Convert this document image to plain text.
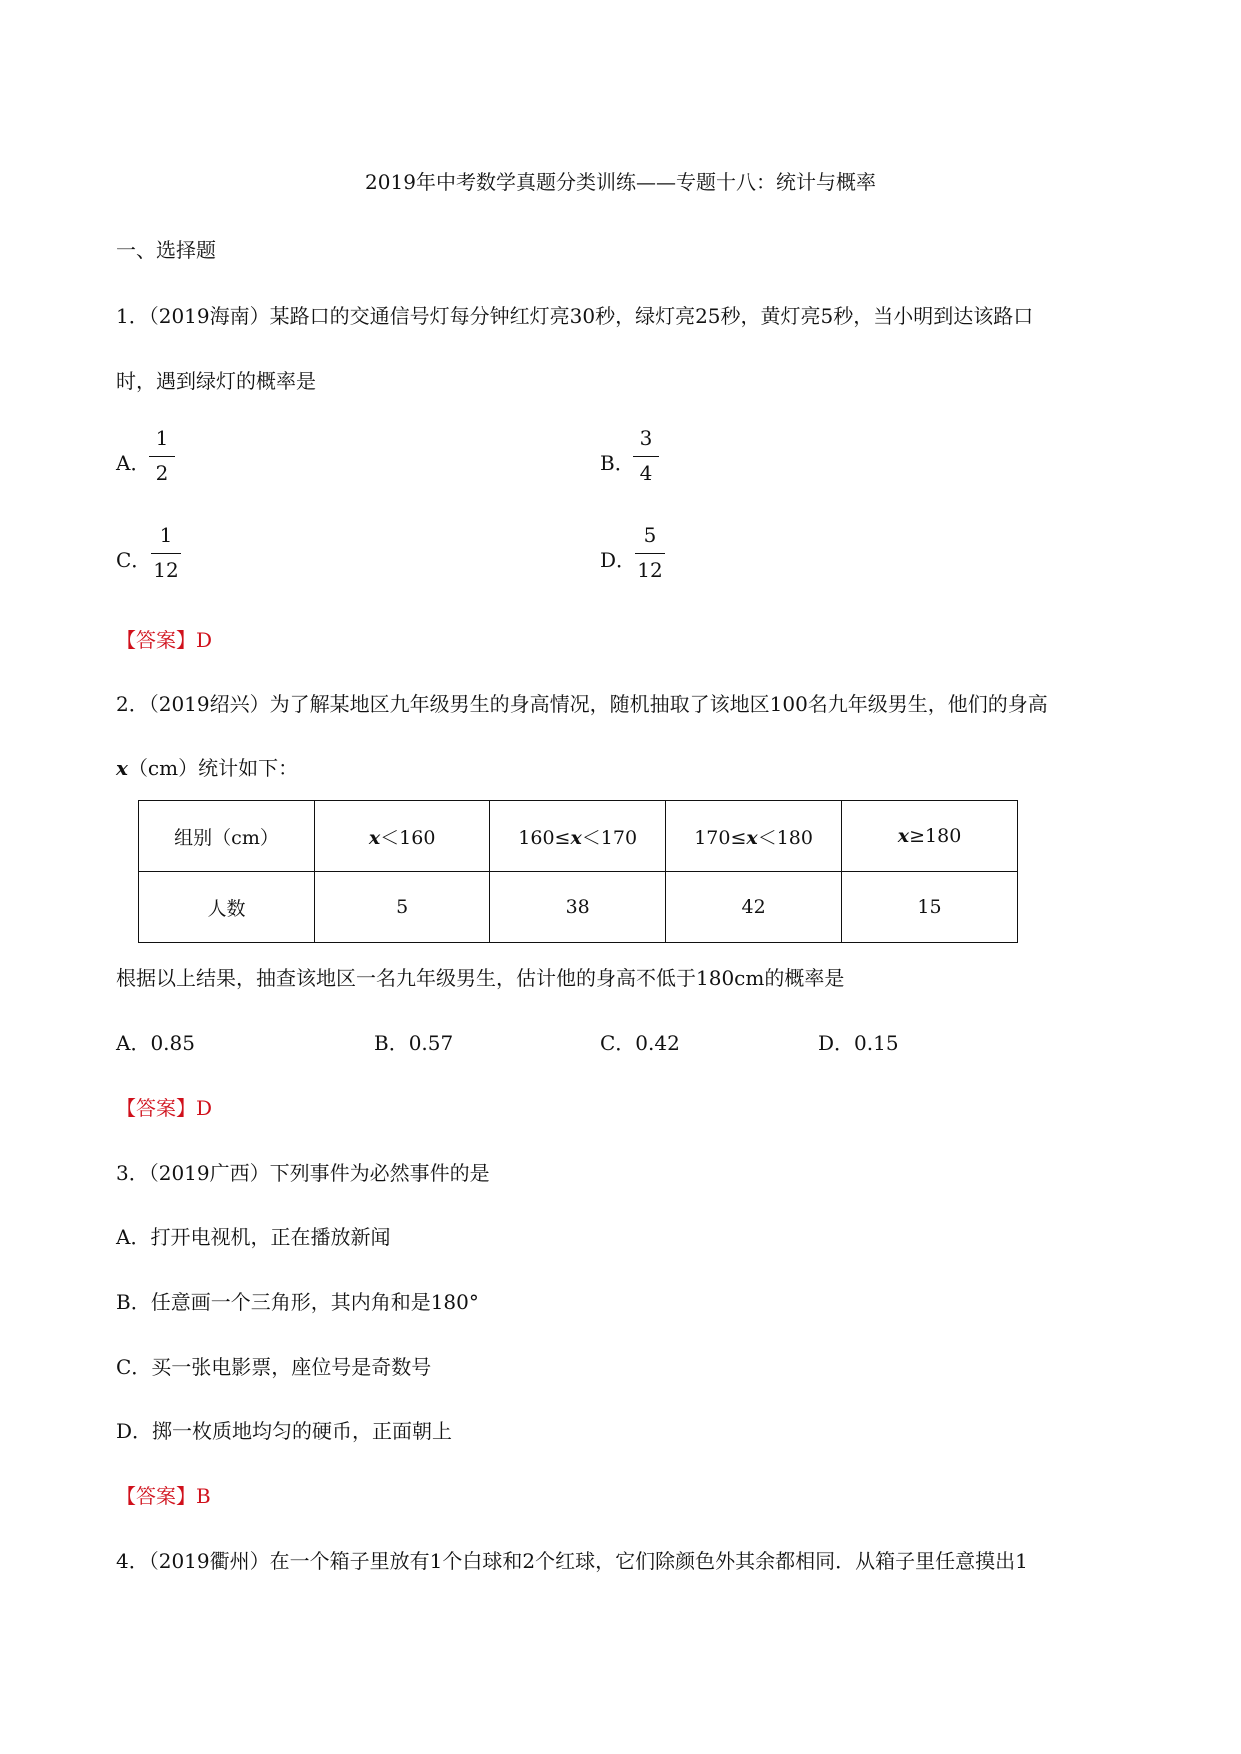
2019年中考数学真题分类训练——专题十八：统计与概率
一、选择题
1．（2019海南）某路口的交通信号灯每分钟红灯亮30秒，绿灯亮25秒，黄灯亮5秒，当小明到达该路口
时，遇到绿灯的概率是
A．
1
2	B．
3
4
C．
1
12	D．
5
12
【答案】D
2．（2019绍兴）为了解某地区九年级男生的身高情况，随机抽取了该地区100名九年级男生，他们的身高
x（cm）统计如下：
组别（cm）	x＜160	160≤x＜170	170≤x＜180	x≥180
人数	5	38	42	15
根据以上结果，抽查该地区一名九年级男生，估计他的身高不低于180cm的概率是
A．0.85	B．0.57	C．0.42	D．0.15
【答案】D
3．（2019广西）下列事件为必然事件的是
A．打开电视机，正在播放新闻
B．任意画一个三角形，其内角和是180°
C．买一张电影票，座位号是奇数号
D．掷一枚质地均匀的硬币，正面朝上
【答案】B
4．（2019衢州）在一个箱子里放有1个白球和2个红球，它们除颜色外其余都相同．从箱子里任意摸出1
